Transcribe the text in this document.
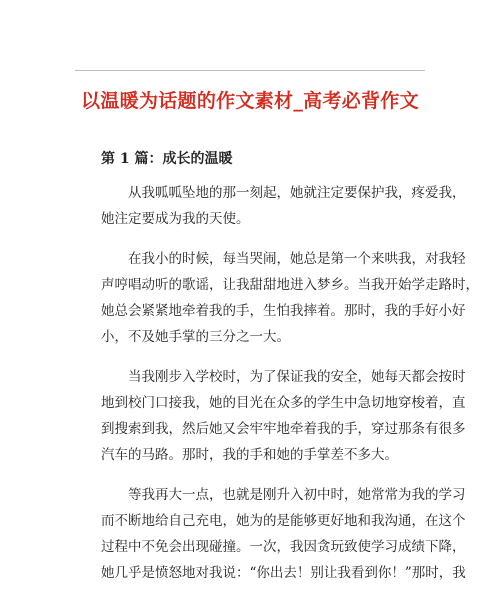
以温暖为话题的作文素材_高考必背作文
第 1 篇：成长的温暖

从我呱呱坠地的那一刻起，她就注定要保护我，疼爱我，
她注定要成为我的天使。

在我小的时候，每当哭闹，她总是第一个来哄我，对我轻
声哼唱动听的歌谣，让我甜甜地进入梦乡。当我开始学走路时，
她总会紧紧地牵着我的手，生怕我摔着。那时，我的手好小好
小，不及她手掌的三分之一大。

当我刚步入学校时，为了保证我的安全，她每天都会按时
地到校门口接我，她的目光在众多的学生中急切地穿梭着，直
到搜索到我，然后她又会牢牢地牵着我的手，穿过那条有很多
汽车的马路。那时，我的手和她的手掌差不多大。

等我再大一点，也就是刚升入初中时，她常常为我的学习
而不断地给自己充电，她为的是能够更好地和我沟通，在这个
过程中不免会出现碰撞。一次，我因贪玩致使学习成绩下降，
她几乎是愤怒地对我说：“你出去！别让我看到你！”那时，我
